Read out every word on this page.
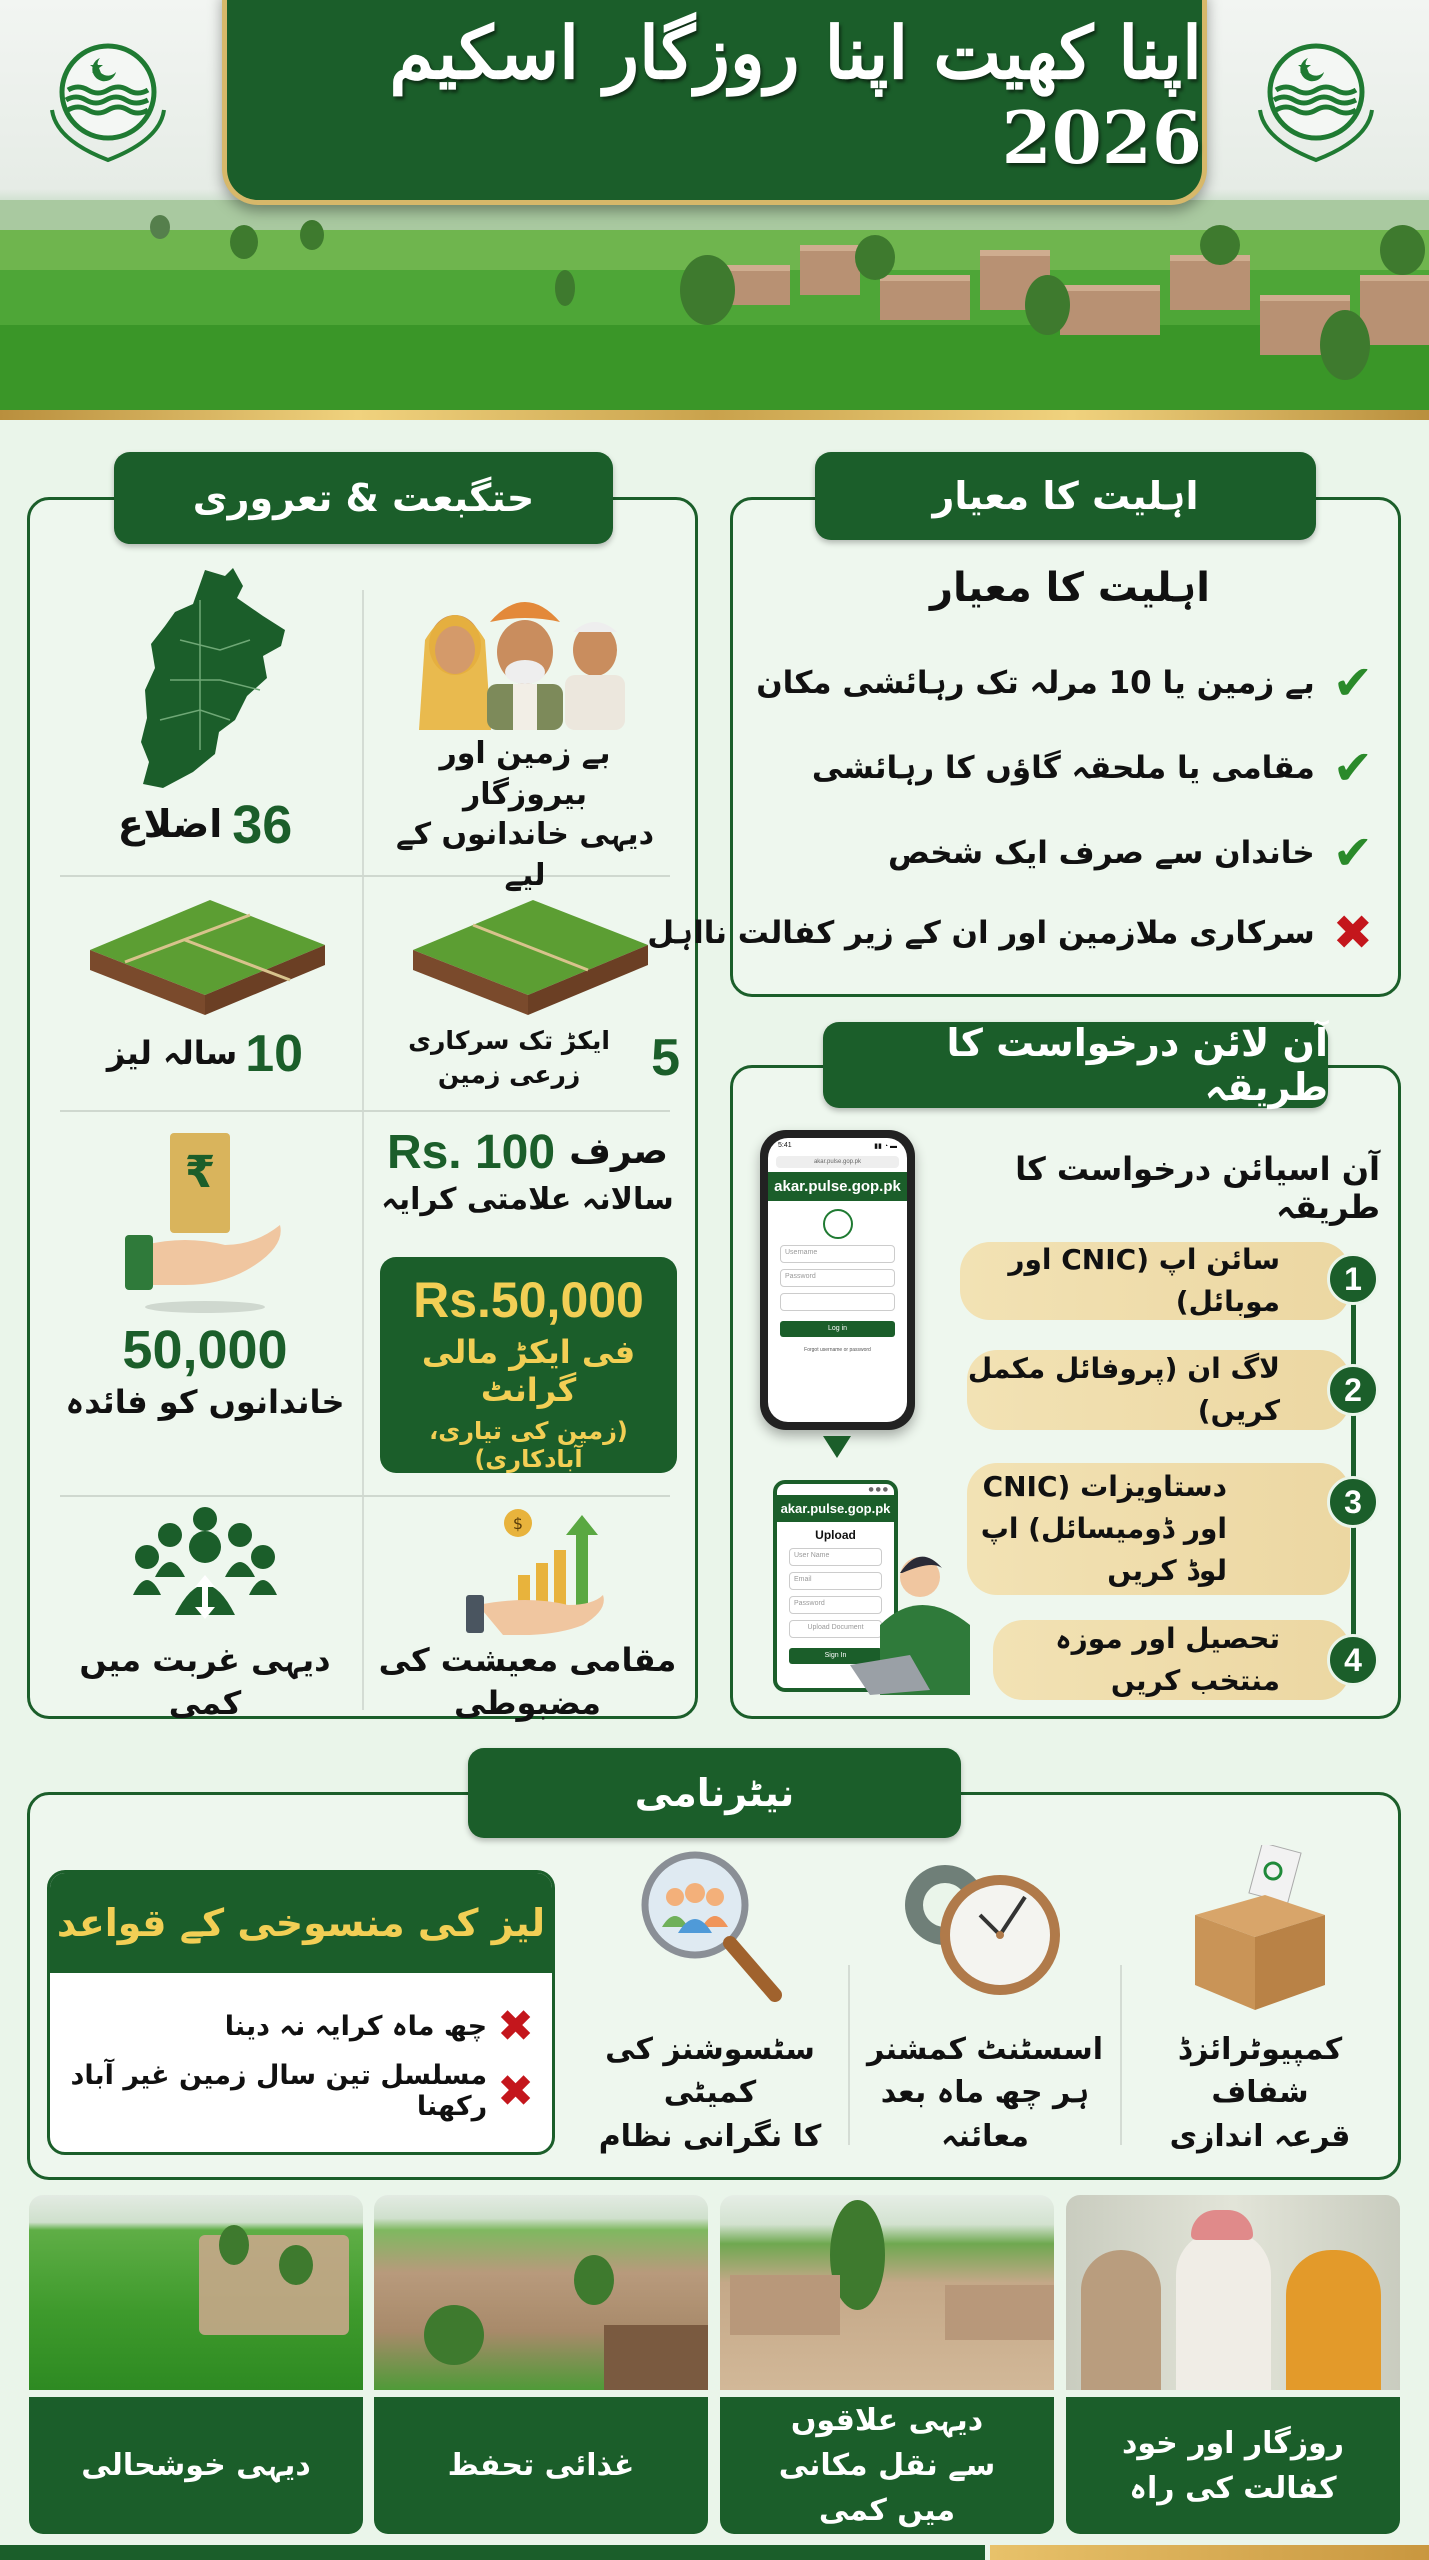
اپنا کھیت اپنا روزگار اسکیم 2026
حتگبعت & تعروری
بے زمین اور بیروزگار
دیہی خاندانوں کے لیے
36
اضلاع
5
ایکڑ تک سرکاری زرعی زمین
10
سالہ لیز
صرف
Rs. 100
سالانہ علامتی کرایہ
Rs.50,000
فی ایکڑ مالی گرانٹ
(زمین کی تیاری، آبادکاری)
₹
50,000
خاندانوں کو فائدہ
$
مقامی معیشت کی مضبوطی
دیہی غربت میں کمی
اہلیت کا معیار
اہلیت کا معیار
✔
بے زمین یا 10 مرلہ تک رہائشی مکان
✔
مقامی یا ملحقہ گاؤں کا رہائشی
✔
خاندان سے صرف ایک شخص
✖
سرکاری ملازمین اور ان کے زیر کفالت نااہل
آن لائن درخواست کا طریقہ
آن اسیائن درخواست کا طریقہ
5:41	▮▮ ◔ ▬
akar.pulse.gop.pk
akar.pulse.gop.pk
Username
Password
Log in
Forgot username or password
● ● ●
akar.pulse.gop.pk
Upload
User Name
Email
Password
Upload Document
Sign In
سائن اپ (CNIC اور موبائل)
1
لاگ ان (پروفائل مکمل کریں)
2
دستاویزات (CNIC اور ڈومیسائل) اپ لوڈ کریں
3
تحصیل اور موزہ منتخب کریں
4
نیٹرنامی
کمپیوٹرائزڈ شفاف
قرعہ اندازی
اسسٹنٹ کمشنر
ہر چھ ماہ بعد معائنہ
سٹسوشنز کی کمیٹی
کا نگرانی نظام
لیز کی منسوخی کے قواعد
✖
چھ ماہ کرایہ نہ دینا
✖
مسلسل تین سال زمین غیر آباد رکھنا
دیہی خوشحالی	غذائی تحفظ
دیہی علاقوں سے نقل مکانی میں کمی
روزگار اور خود کفالت کی راہ
